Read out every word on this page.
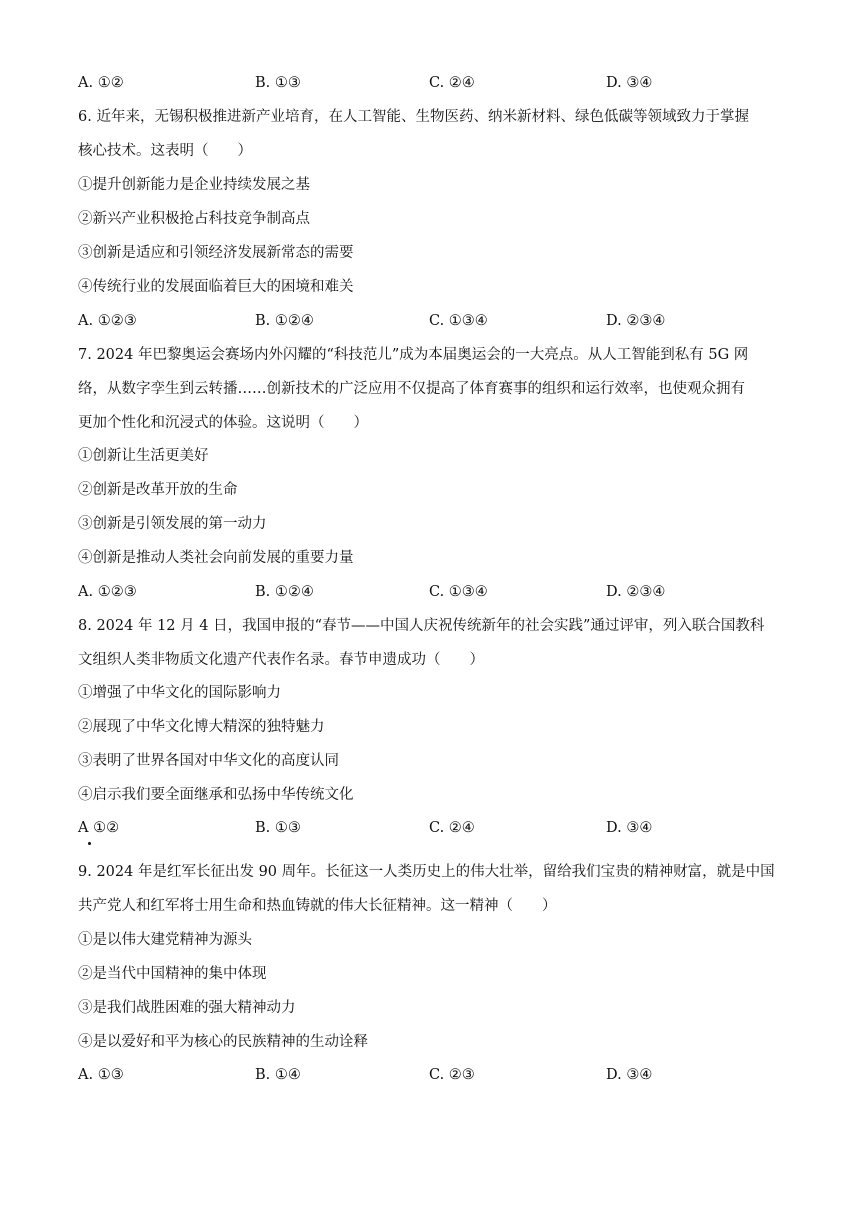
A. ①②	B. ①③	C. ②④	D. ③④
6. 近年来，无锡积极推进新产业培育，在人工智能、生物医药、纳米新材料、绿色低碳等领域致力于掌握
核心技术。这表明（　　）
①提升创新能力是企业持续发展之基
②新兴产业积极抢占科技竞争制高点
③创新是适应和引领经济发展新常态的需要
④传统行业的发展面临着巨大的困境和难关
A. ①②③	B. ①②④	C. ①③④	D. ②③④
7. 2024 年巴黎奥运会赛场内外闪耀的“科技范儿”成为本届奥运会的一大亮点。从人工智能到私有 5G 网
络，从数字孪生到云转播……创新技术的广泛应用不仅提高了体育赛事的组织和运行效率，也使观众拥有
更加个性化和沉浸式的体验。这说明（　　）
①创新让生活更美好
②创新是改革开放的生命
③创新是引领发展的第一动力
④创新是推动人类社会向前发展的重要力量
A. ①②③	B. ①②④	C. ①③④	D. ②③④
8. 2024 年 12 月 4 日，我国申报的“春节——中国人庆祝传统新年的社会实践”通过评审，列入联合国教科
文组织人类非物质文化遗产代表作名录。春节申遗成功（　　）
①增强了中华文化的国际影响力
②展现了中华文化博大精深的独特魅力
③表明了世界各国对中华文化的高度认同
④启示我们要全面继承和弘扬中华传统文化
A ①②	B. ①③	C. ②④	D. ③④
9. 2024 年是红军长征出发 90 周年。长征这一人类历史上的伟大壮举，留给我们宝贵的精神财富，就是中国
共产党人和红军将士用生命和热血铸就的伟大长征精神。这一精神（　　）
①是以伟大建党精神为源头
②是当代中国精神的集中体现
③是我们战胜困难的强大精神动力
④是以爱好和平为核心的民族精神的生动诠释
A. ①③	B. ①④	C. ②③	D. ③④
